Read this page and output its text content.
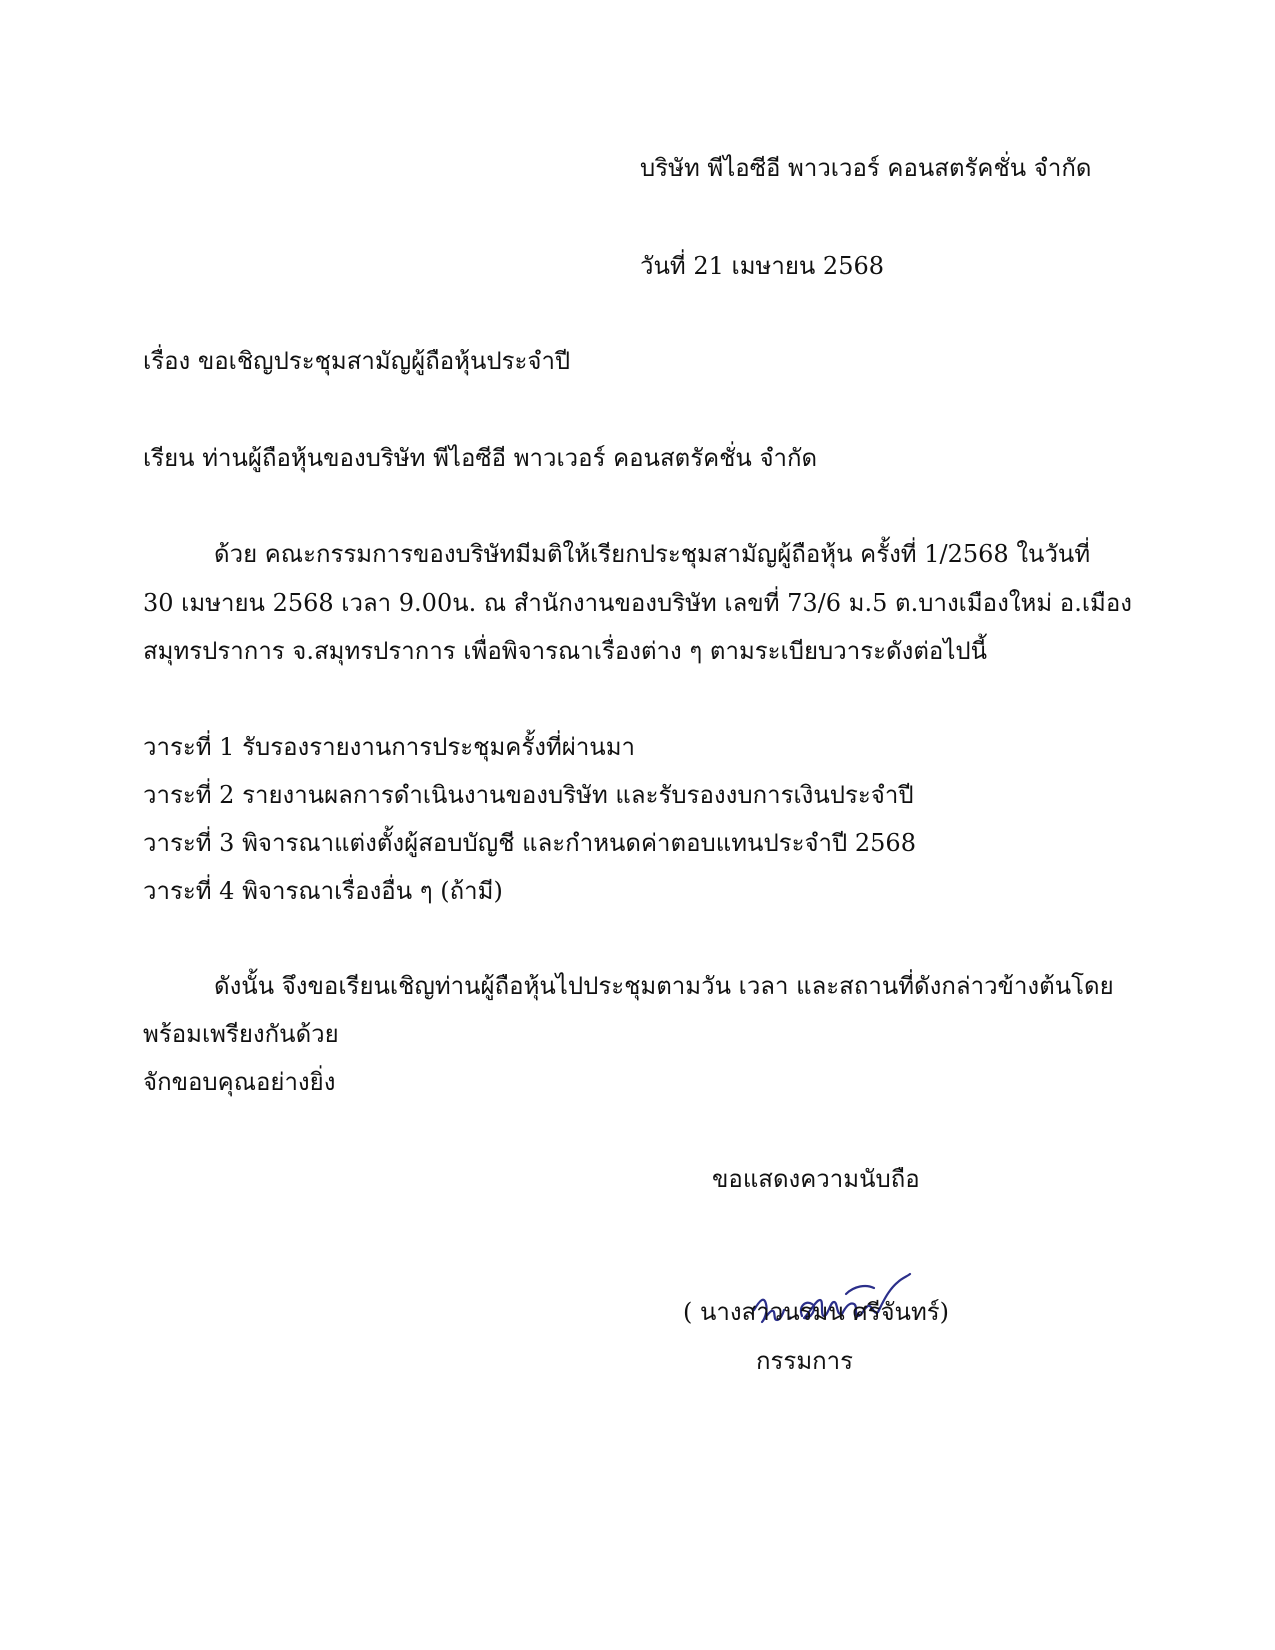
บริษัท พีไอซีอี พาวเวอร์ คอนสตรัคชั่น จำกัด
วันที่ 21 เมษายน 2568
เรื่อง ขอเชิญประชุมสามัญผู้ถือหุ้นประจำปี
เรียน ท่านผู้ถือหุ้นของบริษัท พีไอซีอี พาวเวอร์ คอนสตรัคชั่น จำกัด
ด้วย คณะกรรมการของบริษัทมีมติให้เรียกประชุมสามัญผู้ถือหุ้น ครั้งที่ 1/2568 ในวันที่
30 เมษายน 2568 เวลา 9.00น. ณ สำนักงานของบริษัท เลขที่ 73/6 ม.5 ต.บางเมืองใหม่ อ.เมือง
สมุทรปราการ จ.สมุทรปราการ เพื่อพิจารณาเรื่องต่าง ๆ ตามระเบียบวาระดังต่อไปนี้
วาระที่ 1 รับรองรายงานการประชุมครั้งที่ผ่านมา
วาระที่ 2 รายงานผลการดำเนินงานของบริษัท และรับรองงบการเงินประจำปี
วาระที่ 3 พิจารณาแต่งตั้งผู้สอบบัญชี และกำหนดค่าตอบแทนประจำปี 2568
วาระที่ 4 พิจารณาเรื่องอื่น ๆ (ถ้ามี)
ดังนั้น จึงขอเรียนเชิญท่านผู้ถือหุ้นไปประชุมตามวัน เวลา และสถานที่ดังกล่าวข้างต้นโดย
พร้อมเพรียงกันด้วย
จักขอบคุณอย่างยิ่ง
ขอแสดงความนับถือ
( นางสาวนรมน ศรีจันทร์)
กรรมการ
